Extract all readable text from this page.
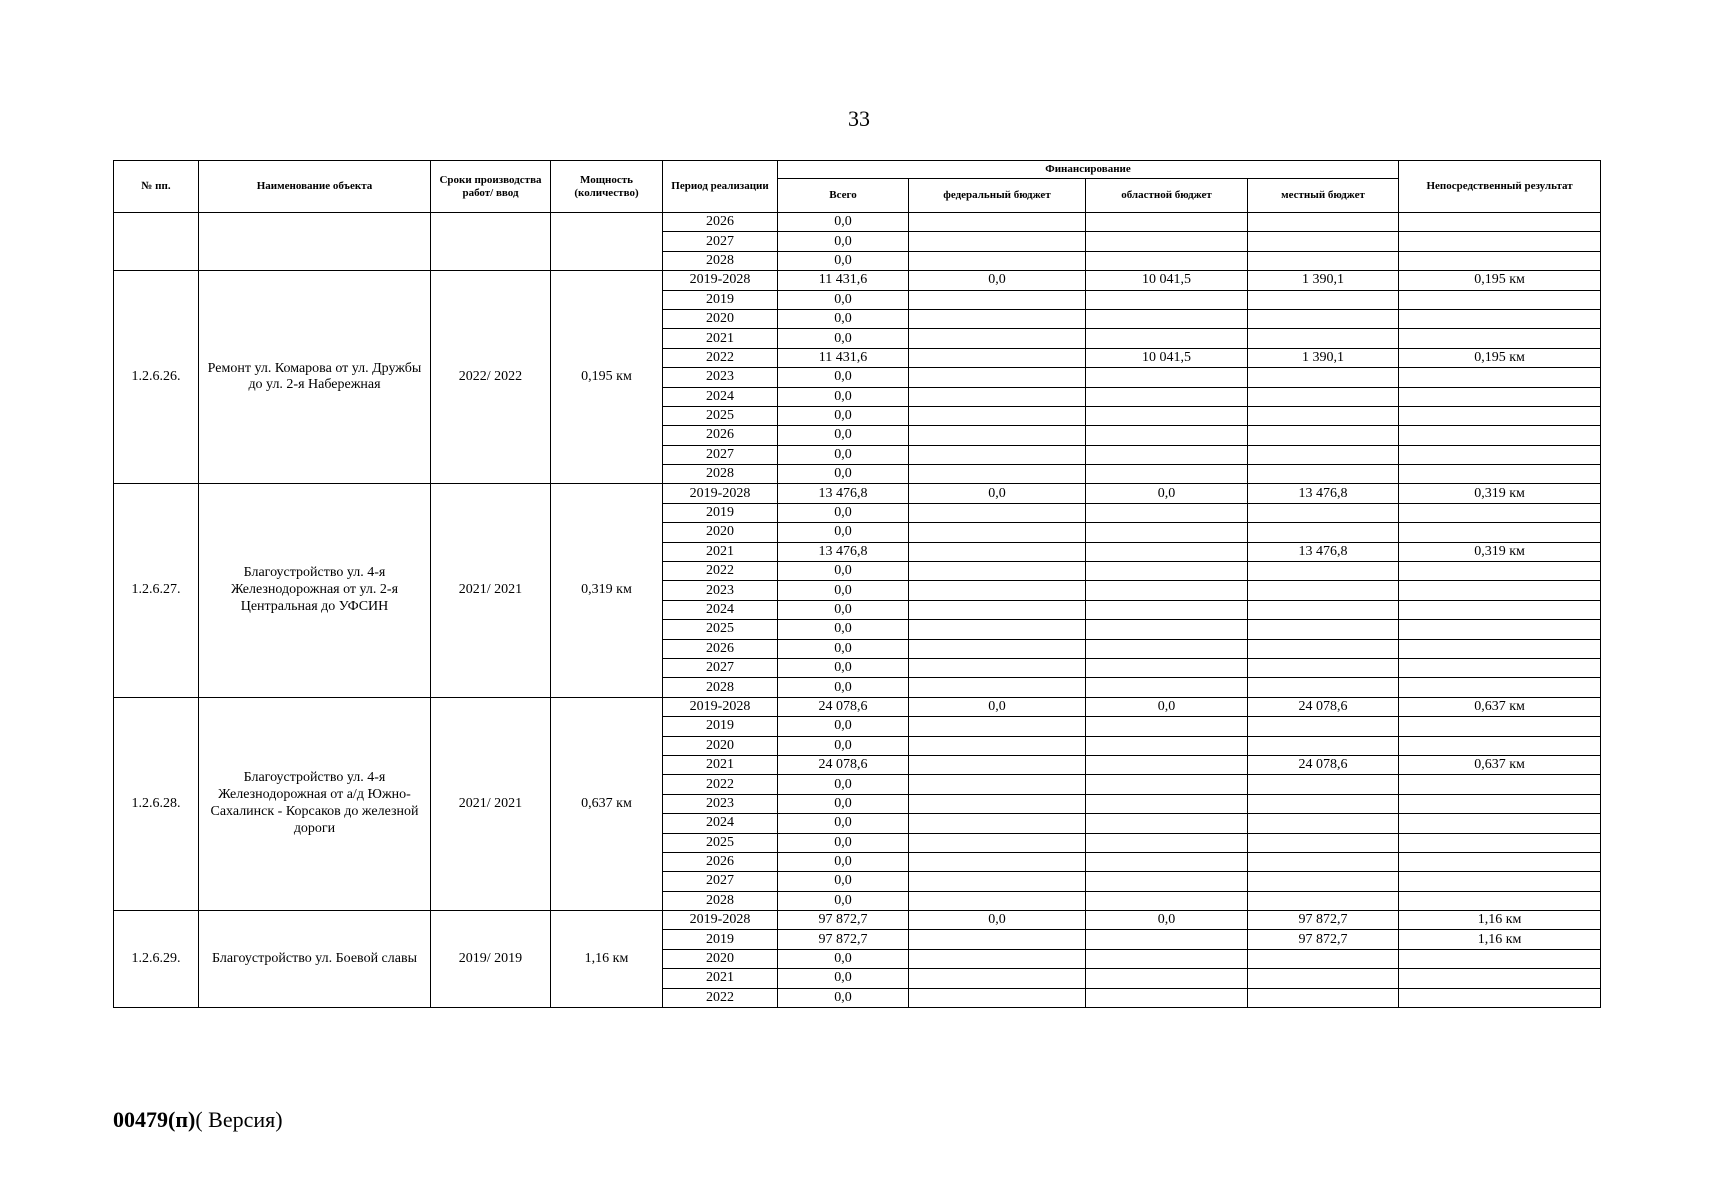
33
№ пп.	Наименование объекта	Сроки производства работ/ ввод	Мощность (количество)	Период реализации	Финансирование				Непосредственный результат
					Всего	федеральный бюджет	областной бюджет	местный бюджет	
				2026	0,0				
				2027	0,0				
				2028	0,0				
1.2.6.26.	Ремонт ул. Комарова от ул. Дружбы до ул. 2-я Набережная	2022/ 2022	0,195 км	2019-2028	11 431,6	0,0	10 041,5	1 390,1	0,195 км
				2019	0,0				
				2020	0,0				
				2021	0,0				
				2022	11 431,6		10 041,5	1 390,1	0,195 км
				2023	0,0				
				2024	0,0				
				2025	0,0				
				2026	0,0				
				2027	0,0				
				2028	0,0				
1.2.6.27.	Благоустройство ул. 4-я Железнодорожная от ул. 2-я Центральная до УФСИН	2021/ 2021	0,319 км	2019-2028	13 476,8	0,0	0,0	13 476,8	0,319 км
				2019	0,0				
				2020	0,0				
				2021	13 476,8			13 476,8	0,319 км
				2022	0,0				
				2023	0,0				
				2024	0,0				
				2025	0,0				
				2026	0,0				
				2027	0,0				
				2028	0,0				
1.2.6.28.	Благоустройство ул. 4-я Железнодорожная от а/д Южно-Сахалинск - Корсаков до железной дороги	2021/ 2021	0,637 км	2019-2028	24 078,6	0,0	0,0	24 078,6	0,637 км
				2019	0,0				
				2020	0,0				
				2021	24 078,6			24 078,6	0,637 км
				2022	0,0				
				2023	0,0				
				2024	0,0				
				2025	0,0				
				2026	0,0				
				2027	0,0				
				2028	0,0				
1.2.6.29.	Благоустройство ул. Боевой славы	2019/ 2019	1,16 км	2019-2028	97 872,7	0,0	0,0	97 872,7	1,16 км
				2019	97 872,7			97 872,7	1,16 км
				2020	0,0				
				2021	0,0				
				2022	0,0				
00479(п)( Версия)
